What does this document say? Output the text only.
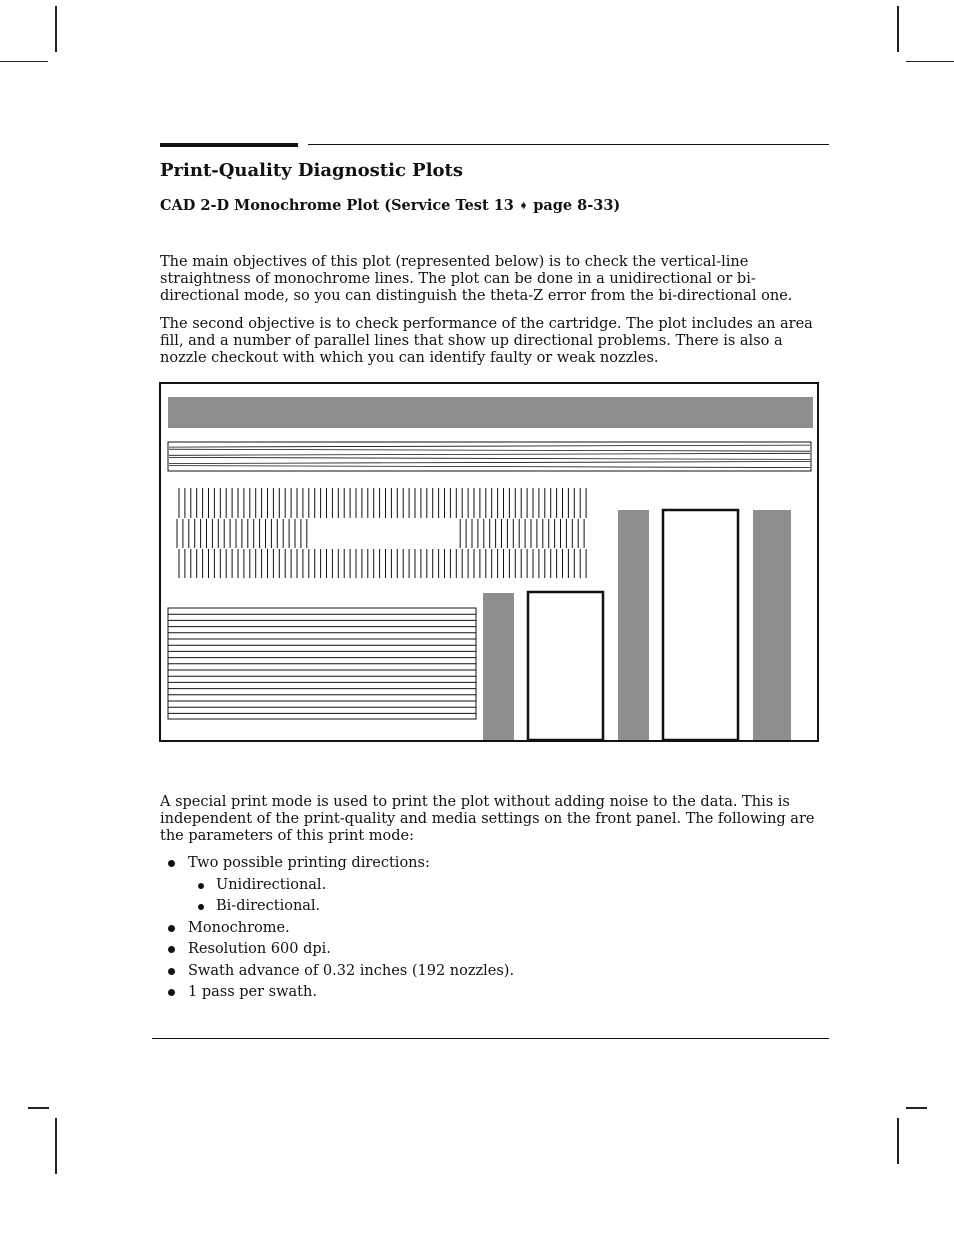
Print-Quality Diagnostic Plots
CAD 2-D Monochrome Plot (Service Test 13 ➧ page 8-33)

The main objectives of this plot (represented below) is to check the vertical-line straightness of monochrome lines. The plot can be done in a unidirectional or bi-directional mode, so you can distinguish the theta-Z error from the bi-directional one.

The second objective is to check performance of the cartridge. The plot includes an area fill, and a number of parallel lines that show up directional problems. There is also a nozzle checkout with which you can identify faulty or weak nozzles.

A special print mode is used to print the plot without adding noise to the data. This is independent of the print-quality and media settings on the front panel. The following are the parameters of this print mode:

Two possible printing directions:
Unidirectional.
Bi-directional.
Monochrome.
Resolution 600 dpi.
Swath advance of 0.32 inches (192 nozzles).
1 pass per swath.
